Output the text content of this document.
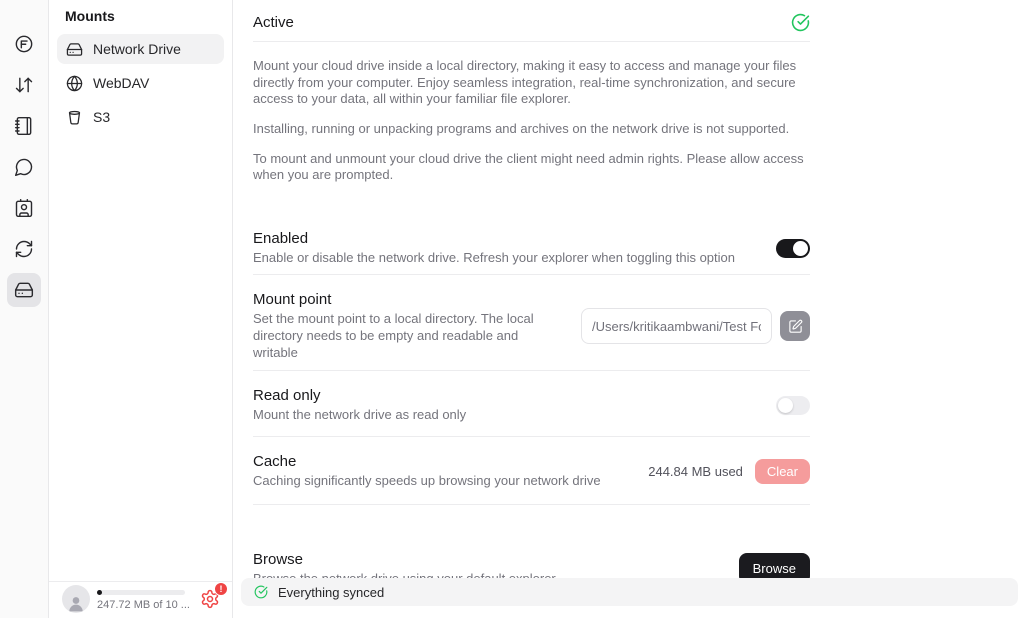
Mounts
Network Drive
WebDAV
S3
247.72 MB of 10 ...
!
Active

Mount your cloud drive inside a local directory, making it easy to access and manage your files directly from your computer. Enjoy seamless integration, real-time synchronization, and secure access to your data, all within your familiar file explorer.

Installing, running or unpacking programs and archives on the network drive is not supported.

To mount and unmount your cloud drive the client might need admin rights. Please allow access when you are prompted.

Enabled
Enable or disable the network drive. Refresh your explorer when toggling this option
Mount point
Set the mount point to a local directory. The local directory needs to be empty and readable and writable
/Users/kritikaambwani/Test Folder
Read only
Mount the network drive as read only
Cache
Caching significantly speeds up browsing your network drive
244.84 MB used	Clear
Browse
Browse
Everything synced
